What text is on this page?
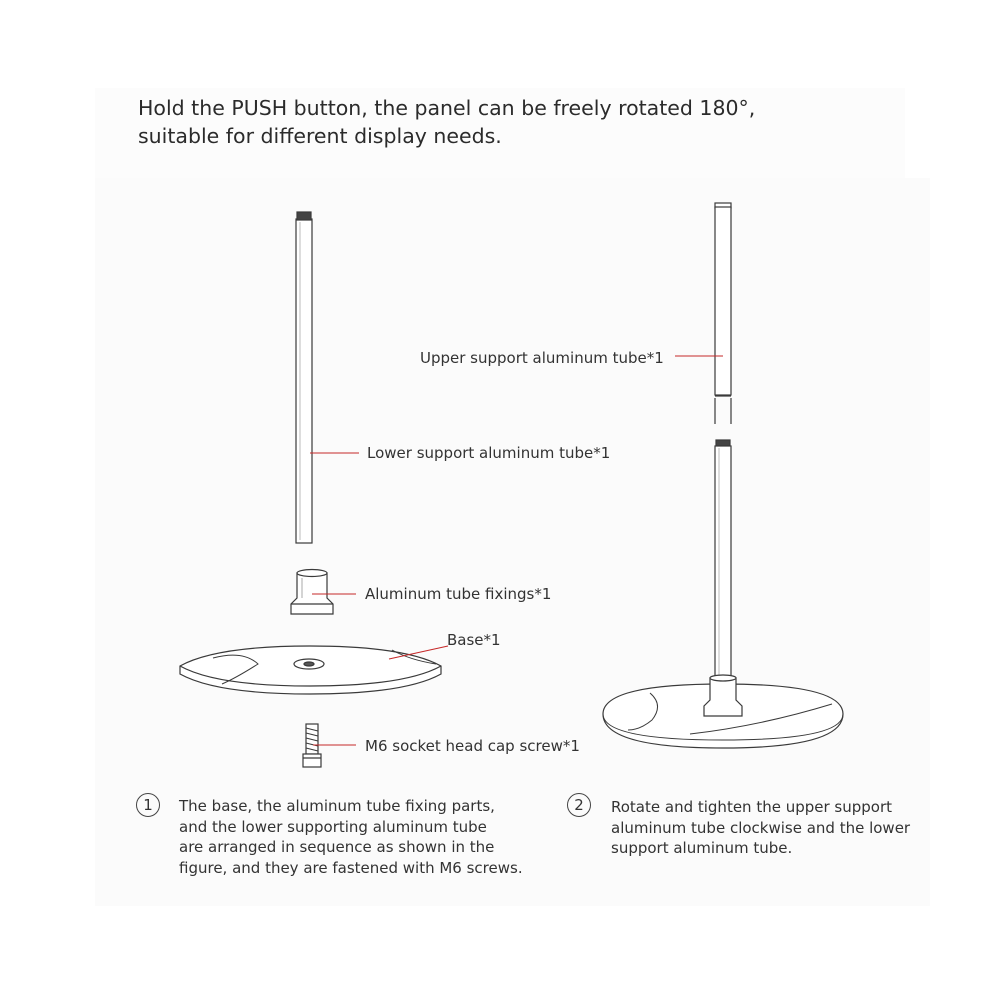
Hold the PUSH button, the panel can be freely rotated 180°,
suitable for different display needs.
Lower support aluminum tube*1
Upper support aluminum tube*1
Aluminum tube fixings*1
Base*1
M6 socket head cap screw*1
1	The base, the aluminum tube fixing parts,
and the lower supporting aluminum tube
are arranged in sequence as shown in the
figure, and they are fastened with M6 screws.
2	Rotate and tighten the upper support
aluminum tube clockwise and the lower
support aluminum tube.
